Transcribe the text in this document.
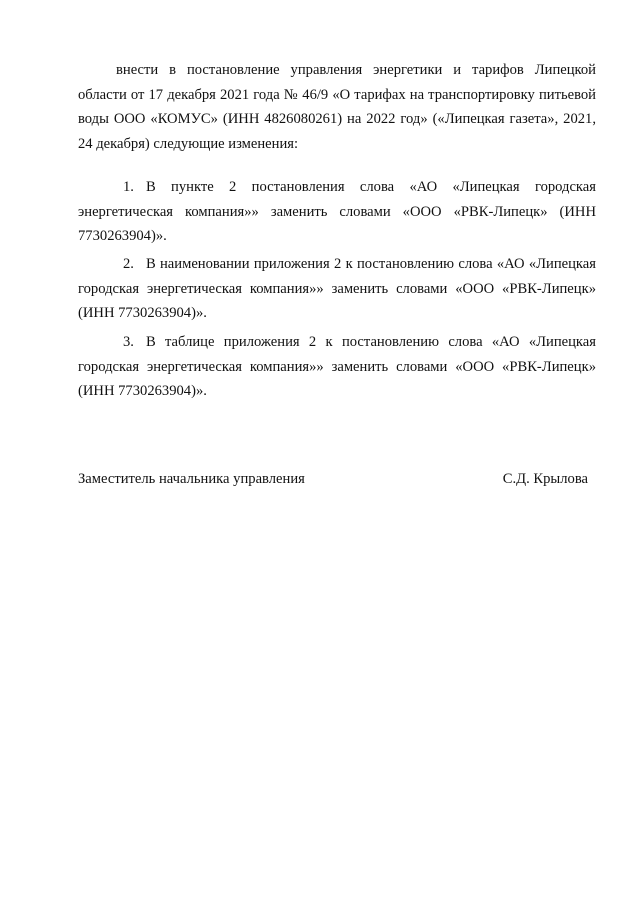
внести в постановление управления энергетики и тарифов Липецкой области от 17 декабря 2021 года № 46/9 «О тарифах на транспортировку питьевой воды ООО «КОМУС» (ИНН 4826080261) на 2022 год» («Липецкая газета», 2021, 24 декабря) следующие изменения:

1. В пункте 2 постановления слова «АО «Липецкая городская энергетическая компания»» заменить словами «ООО «РВК-Липецк» (ИНН 7730263904)».

2. В наименовании приложения 2 к постановлению слова «АО «Липецкая городская энергетическая компания»» заменить словами «ООО «РВК-Липецк» (ИНН 7730263904)».

3. В таблице приложения 2 к постановлению слова «АО «Липецкая городская энергетическая компания»» заменить словами «ООО «РВК-Липецк» (ИНН 7730263904)».

Заместитель начальника управления	С.Д. Крылова
